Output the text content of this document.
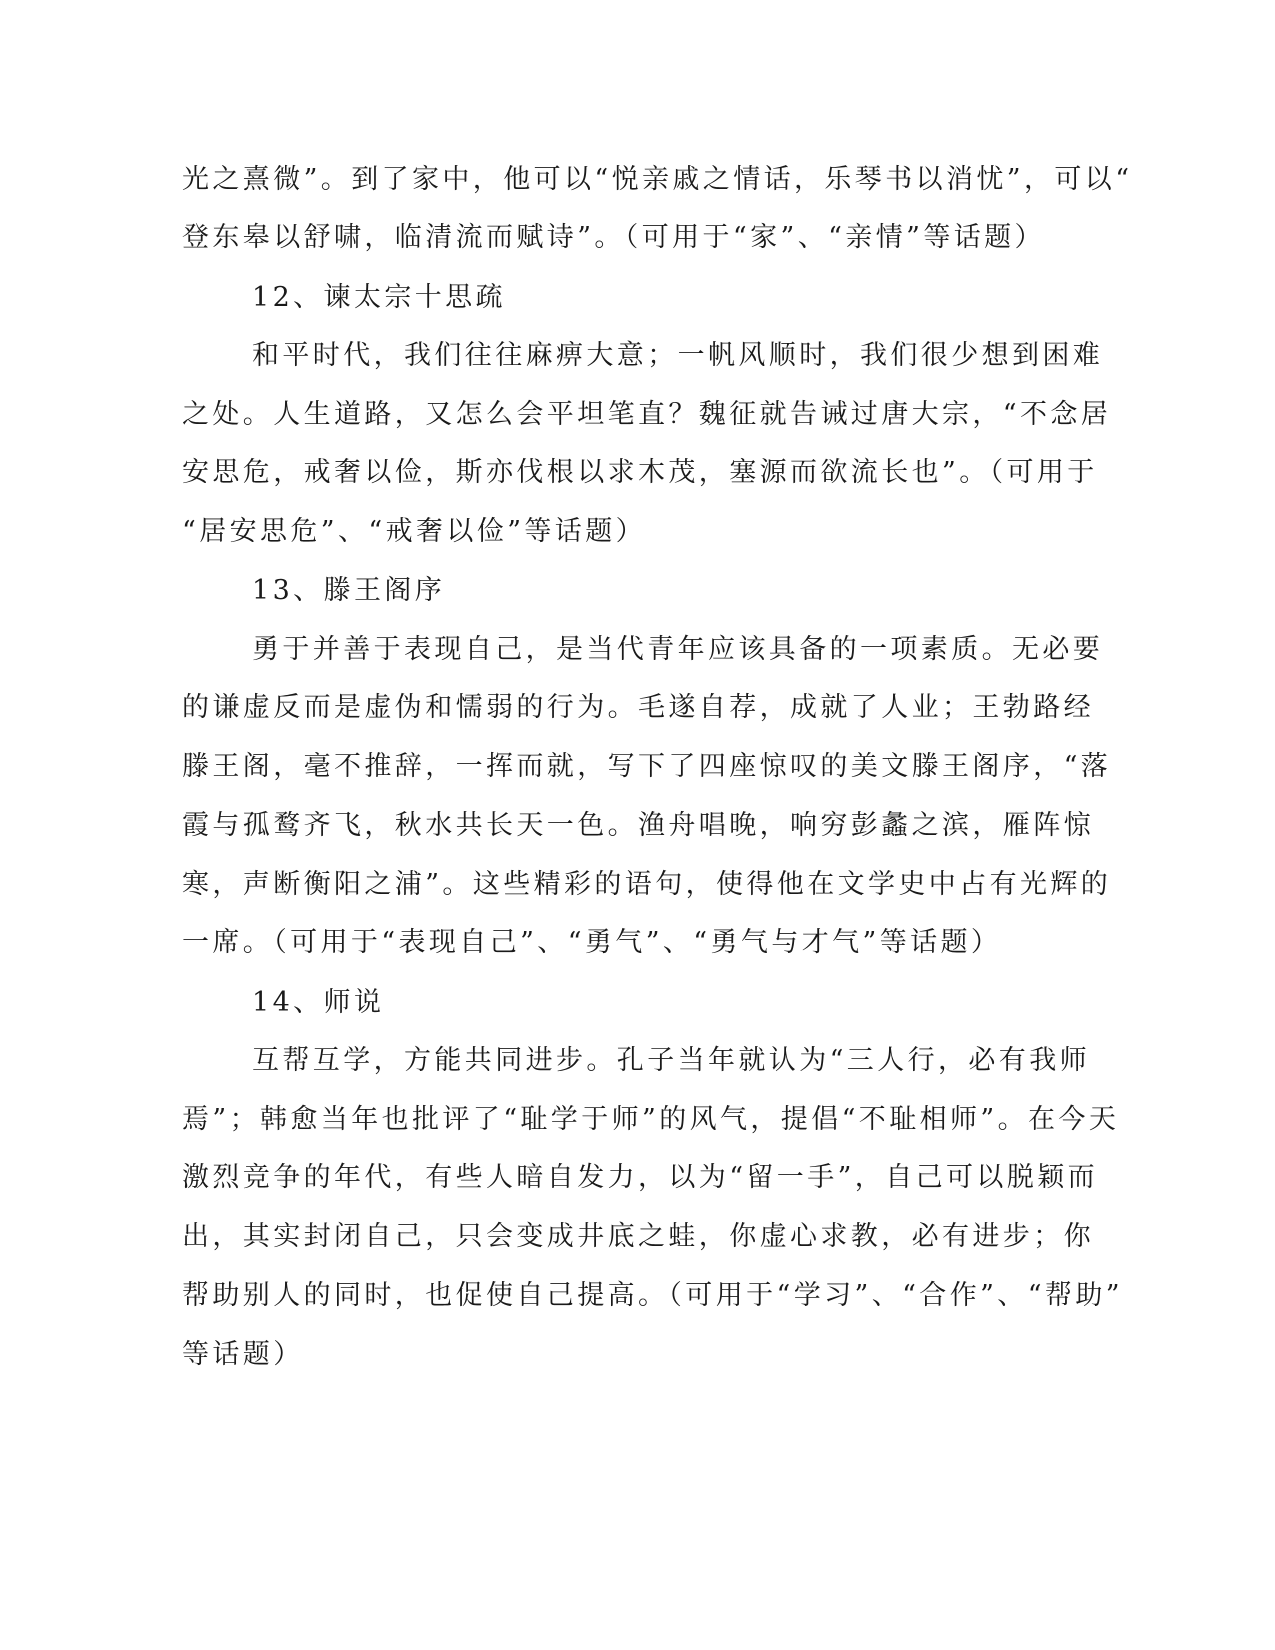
光之熹微”。到了家中，他可以“悦亲戚之情话，乐琴书以消忧”，可以“
登东皋以舒啸，临清流而赋诗”。（可用于“家”、“亲情”等话题）
12、谏太宗十思疏
和平时代，我们往往麻痹大意；一帆风顺时，我们很少想到困难
之处。人生道路，又怎么会平坦笔直？魏征就告诫过唐大宗，“不念居
安思危，戒奢以俭，斯亦伐根以求木茂，塞源而欲流长也”。（可用于
“居安思危”、“戒奢以俭”等话题）
13、滕王阁序
勇于并善于表现自己，是当代青年应该具备的一项素质。无必要
的谦虚反而是虚伪和懦弱的行为。毛遂自荐，成就了人业；王勃路经
滕王阁，毫不推辞，一挥而就，写下了四座惊叹的美文滕王阁序，“落
霞与孤鹜齐飞，秋水共长天一色。渔舟唱晚，响穷彭蠡之滨，雁阵惊
寒，声断衡阳之浦”。这些精彩的语句，使得他在文学史中占有光辉的
一席。（可用于“表现自己”、“勇气”、“勇气与才气”等话题）
14、师说
互帮互学，方能共同进步。孔子当年就认为“三人行，必有我师
焉”；韩愈当年也批评了“耻学于师”的风气，提倡“不耻相师”。在今天
激烈竞争的年代，有些人暗自发力，以为“留一手”，自己可以脱颖而
出，其实封闭自己，只会变成井底之蛙，你虚心求教，必有进步；你
帮助别人的同时，也促使自己提高。（可用于“学习”、“合作”、“帮助”
等话题）
